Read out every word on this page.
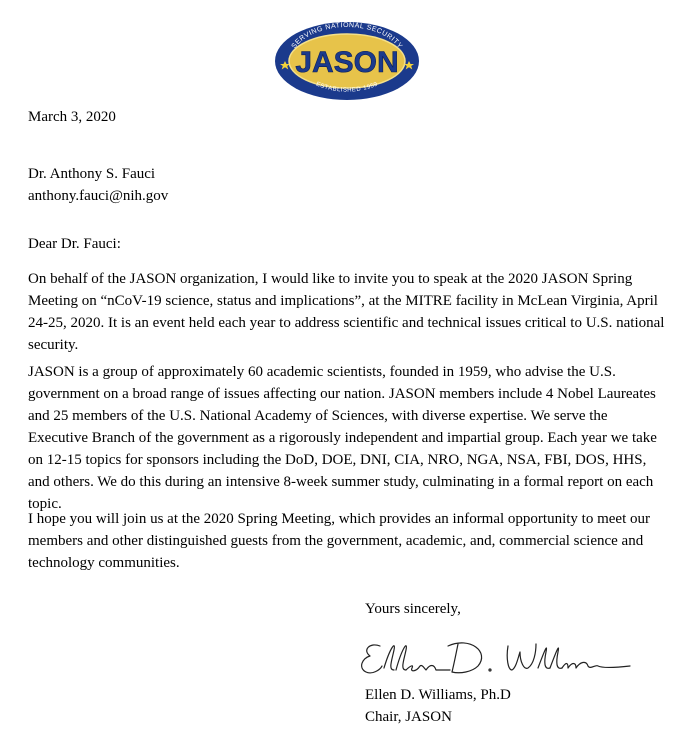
SERVING NATIONAL SECURITY
ESTABLISHED 1959
JASON

March 3, 2020

Dr. Anthony S. Fauci

anthony.fauci@nih.gov

Dear Dr. Fauci:

On behalf of the JASON organization, I would like to invite you to speak at the 2020 JASON Spring Meeting on “nCoV-19 science, status and implications”, at the MITRE facility in McLean Virginia, April 24-25, 2020. It is an event held each year to address scientific and technical issues critical to U.S. national security.

JASON is a group of approximately 60 academic scientists, founded in 1959, who advise the U.S. government on a broad range of issues affecting our nation. JASON members include 4 Nobel Laureates and 25 members of the U.S. National Academy of Sciences, with diverse expertise. We serve the Executive Branch of the government as a rigorously independent and impartial group. Each year we take on 12-15 topics for sponsors including the DoD, DOE, DNI, CIA, NRO, NGA, NSA, FBI, DOS, HHS, and others. We do this during an intensive 8-week summer study, culminating in a formal report on each topic.

I hope you will join us at the 2020 Spring Meeting, which provides an informal opportunity to meet our members and other distinguished guests from the government, academic, and, commercial science and technology communities.

Yours sincerely,

Ellen D. Williams, Ph.D

Chair, JASON
